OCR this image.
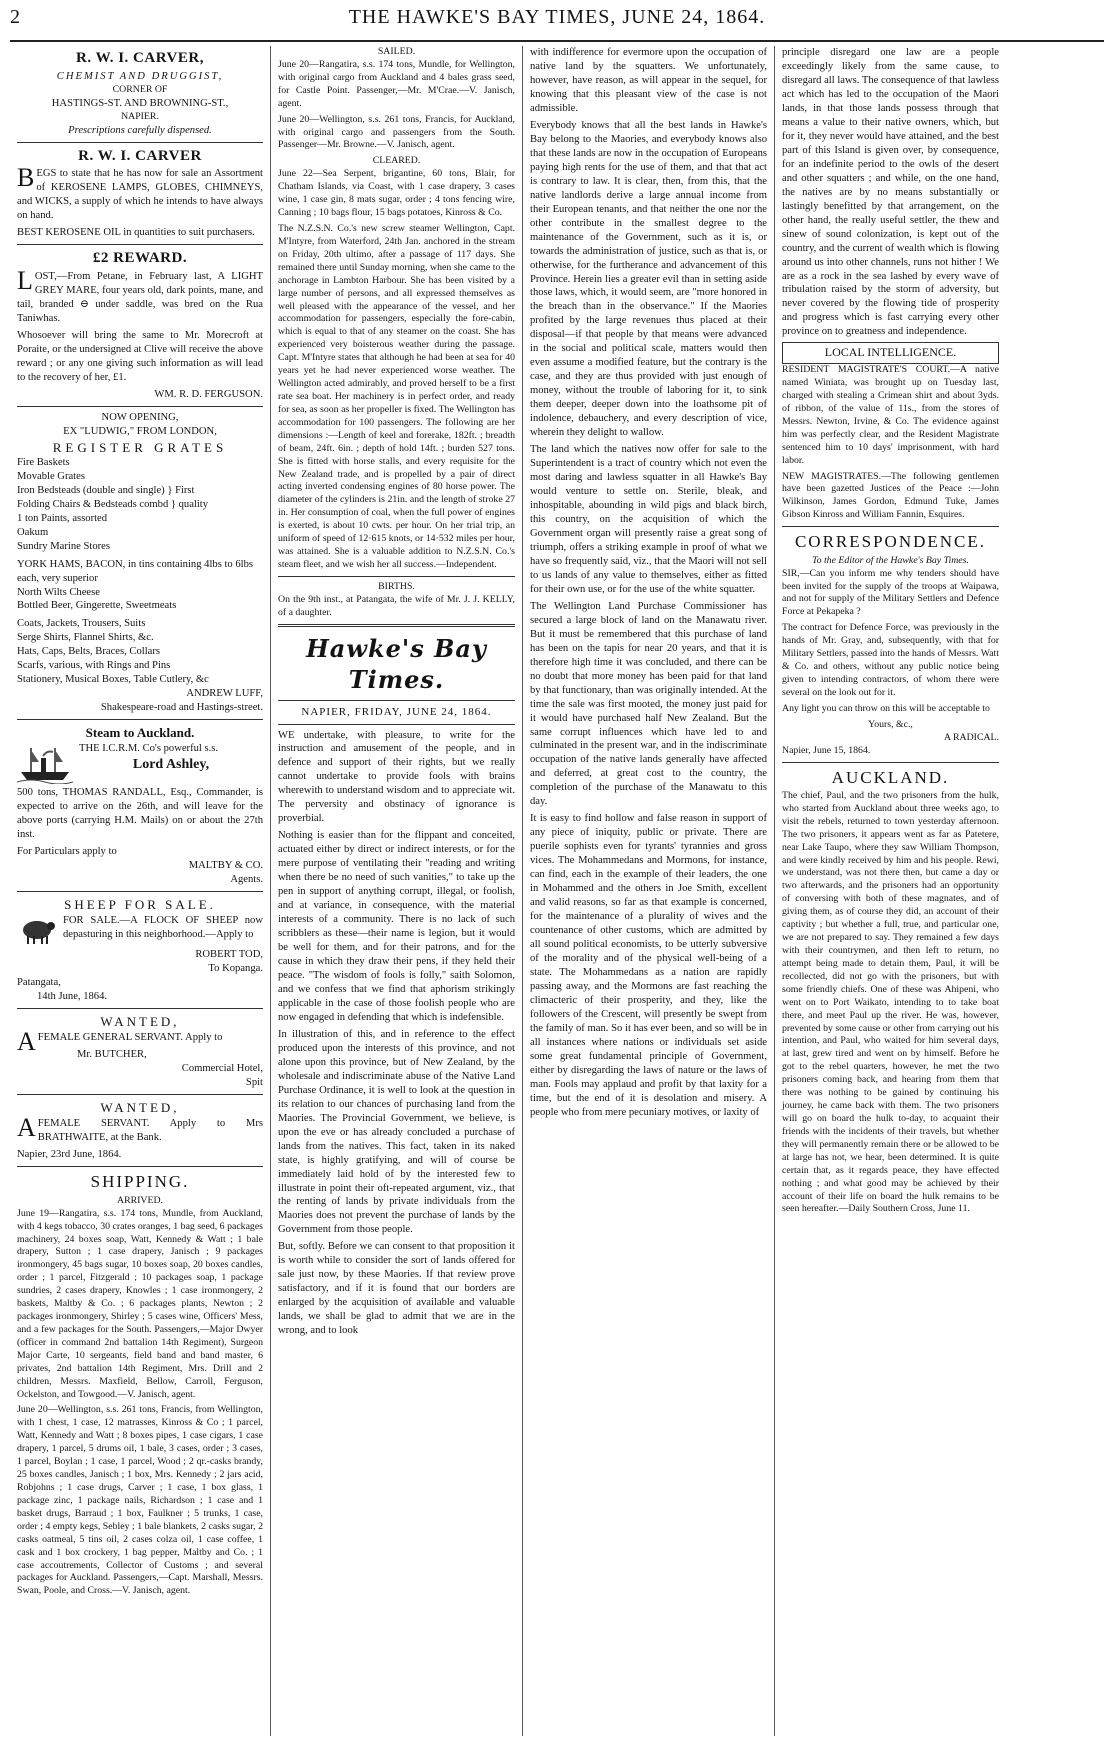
2	THE HAWKE'S BAY TIMES, JUNE 24, 1864.
R. W. I. CARVER,
CHEMIST AND DRUGGIST,
CORNER OF
HASTINGS-ST. AND BROWNING-ST.,
NAPIER.
Prescriptions carefully dispensed.
R. W. I. CARVER

BEGS to state that he has now for sale an Assortment of KEROSENE LAMPS, GLOBES, CHIMNEYS, and WICKS, a supply of which he intends to have always on hand.

BEST KEROSENE OIL in quantities to suit purchasers.

£2 REWARD.

LOST,—From Petane, in February last, A LIGHT GREY MARE, four years old, dark points, mane, and tail, branded ⊖ under saddle, was bred on the Rua Taniwhas.

Whosoever will bring the same to Mr. Morecroft at Poraite, or the undersigned at Clive will receive the above reward ; or any one giving such information as will lead to the recovery of her, £1.

WM. R. D. FERGUSON.
NOW OPENING,
EX "LUDWIG," FROM LONDON,
REGISTER GRATES
Fire Baskets
Movable Grates
Iron Bedsteads (double and single) } First
Folding Chairs & Bedsteads combd } quality
1 ton Paints, assorted
Oakum
Sundry Marine Stores
YORK HAMS, BACON, in tins containing 4lbs to 6lbs each, very superior
North Wilts Cheese
Bottled Beer, Gingerette, Sweetmeats
Coats, Jackets, Trousers, Suits
Serge Shirts, Flannel Shirts, &c.
Hats, Caps, Belts, Braces, Collars
Scarfs, various, with Rings and Pins
Stationery, Musical Boxes, Table Cutlery, &c
ANDREW LUFF,
Shakespeare-road and Hastings-street.
Steam to Auckland.
THE I.C.R.M. Co's powerful s.s.
Lord Ashley,

500 tons, THOMAS RANDALL, Esq., Commander, is expected to arrive on the 26th, and will leave for the above ports (carrying H.M. Mails) on or about the 27th inst.

For Particulars apply to
MALTBY & CO.
Agents.
SHEEP FOR SALE.

FOR SALE.—A FLOCK OF SHEEP now depasturing in this neighborhood.—Apply to

ROBERT TOD,
To Kopanga.
Patangata,
14th June, 1864.
WANTED,

AFEMALE GENERAL SERVANT. Apply to

Mr. BUTCHER,
Commercial Hotel,
Spit
WANTED,

AFEMALE SERVANT. Apply to Mrs BRATHWAITE, at the Bank.

Napier, 23rd June, 1864.
SHIPPING.
ARRIVED.

June 19—Rangatira, s.s. 174 tons, Mundle, from Auckland, with 4 kegs tobacco, 30 crates oranges, 1 bag seed, 6 packages machinery, 24 boxes soap, Watt, Kennedy & Watt ; 1 bale drapery, Sutton ; 1 case drapery, Janisch ; 9 packages ironmongery, 45 bags sugar, 10 boxes soap, 20 boxes candles, order ; 1 parcel, Fitzgerald ; 10 packages soap, 1 package sundries, 2 cases drapery, Knowles ; 1 case ironmongery, 2 baskets, Maltby & Co. ; 6 packages plants, Newton ; 2 packages ironmongery, Shirley ; 5 cases wine, Officers' Mess, and a few packages for the South. Passengers,—Major Dwyer (officer in command 2nd battalion 14th Regiment), Surgeon Major Carte, 10 sergeants, field band and band master, 6 privates, 2nd battalion 14th Regiment, Mrs. Drill and 2 children, Messrs. Maxfield, Bellow, Carroll, Ferguson, Ockelston, and Towgood.—V. Janisch, agent.

June 20—Wellington, s.s. 261 tons, Francis, from Wellington, with 1 chest, 1 case, 12 matrasses, Kinross & Co ; 1 parcel, Watt, Kennedy and Watt ; 8 boxes pipes, 1 case cigars, 1 case drapery, 1 parcel, 5 drums oil, 1 bale, 3 cases, order ; 3 cases, 1 parcel, Boylan ; 1 case, 1 parcel, Wood ; 2 qr.-casks brandy, 25 boxes candles, Janisch ; 1 box, Mrs. Kennedy ; 2 jars acid, Robjohns ; 1 case drugs, Carver ; 1 case, 1 box glass, 1 package zinc, 1 package nails, Richardson ; 1 case and 1 basket drugs, Barraud ; 1 box, Faulkner ; 5 trunks, 1 case, order ; 4 empty kegs, Sebley ; 1 bale blankets, 2 casks sugar, 2 casks oatmeal, 5 tins oil, 2 cases colza oil, 1 case coffee, 1 cask and 1 box crockery, 1 bag pepper, Maltby and Co. ; 1 case accoutrements, Collector of Customs ; and several packages for Auckland. Passengers,—Capt. Marshall, Messrs. Swan, Poole, and Cross.—V. Janisch, agent.

SAILED.

June 20—Rangatira, s.s. 174 tons, Mundle, for Wellington, with original cargo from Auckland and 4 bales grass seed, for Castle Point. Passenger,—Mr. M'Crae.—V. Janisch, agent.

June 20—Wellington, s.s. 261 tons, Francis, for Auckland, with original cargo and passengers from the South. Passenger—Mr. Browne.—V. Janisch, agent.

CLEARED.

June 22—Sea Serpent, brigantine, 60 tons, Blair, for Chatham Islands, via Coast, with 1 case drapery, 3 cases wine, 1 case gin, 8 mats sugar, order ; 4 tons fencing wire, Canning ; 10 bags flour, 15 bags potatoes, Kinross & Co.

The N.Z.S.N. Co.'s new screw steamer Wellington, Capt. M'Intyre, from Waterford, 24th Jan. anchored in the stream on Friday, 20th ultimo, after a passage of 117 days. She remained there until Sunday morning, when she came to the anchorage in Lambton Harbour. She has been visited by a large number of persons, and all expressed themselves as well pleased with the appearance of the vessel, and her accommodation for passengers, especially the fore-cabin, which is equal to that of any steamer on the coast. She has experienced very boisterous weather during the passage. Capt. M'Intyre states that although he had been at sea for 40 years yet he had never experienced worse weather. The Wellington acted admirably, and proved herself to be a first rate sea boat. Her machinery is in perfect order, and ready for sea, as soon as her propeller is fixed. The Wellington has accommodation for 100 passengers. The following are her dimensions :—Length of keel and forerake, 182ft. ; breadth of beam, 24ft. 6in. ; depth of hold 14ft. ; burden 527 tons. She is fitted with horse stalls, and every requisite for the New Zealand trade, and is propelled by a pair of direct acting inverted condensing engines of 80 horse power. The diameter of the cylinders is 21in. and the length of stroke 27 in. Her consumption of coal, when the full power of engines is exerted, is about 10 cwts. per hour. On her trial trip, an uniform of speed of 12·615 knots, or 14·532 miles per hour, was attained. She is a valuable addition to N.Z.S.N. Co.'s steam fleet, and we wish her all success.—Independent.

BIRTHS.

On the 9th inst., at Patangata, the wife of Mr. J. J. KELLY, of a daughter.

Hawke's Bay Times.
NAPIER, FRIDAY, JUNE 24, 1864.

WE undertake, with pleasure, to write for the instruction and amusement of the people, and in defence and support of their rights, but we really cannot undertake to provide fools with brains wherewith to understand wisdom and to appreciate wit. The perversity and obstinacy of ignorance is proverbial.

Nothing is easier than for the flippant and conceited, actuated either by direct or indirect interests, or for the mere purpose of ventilating their "reading and writing when there be no need of such vanities," to take up the pen in support of anything corrupt, illegal, or foolish, and at variance, in consequence, with the material interests of a community. There is no lack of such scribblers as these—their name is legion, but it would be well for them, and for their patrons, and for the cause in which they draw their pens, if they held their peace. "The wisdom of fools is folly," saith Solomon, and we confess that we find that aphorism strikingly applicable in the case of those foolish people who are now engaged in defending that which is indefensible.

In illustration of this, and in reference to the effect produced upon the interests of this province, and not alone upon this province, but of New Zealand, by the wholesale and indiscriminate abuse of the Native Land Purchase Ordinance, it is well to look at the question in its relation to our chances of purchasing land from the Maories. The Provincial Government, we believe, is upon the eve or has already concluded a purchase of lands from the natives. This fact, taken in its naked state, is highly gratifying, and will of course be immediately laid hold of by the interested few to illustrate in point their oft-repeated argument, viz., that the renting of lands by private individuals from the Maories does not prevent the purchase of lands by the Government from those people.

But, softly. Before we can consent to that proposition it is worth while to consider the sort of lands offered for sale just now, by these Maories. If that review prove satisfactory, and if it is found that our borders are enlarged by the acquisition of available and valuable lands, we shall be glad to admit that we are in the wrong, and to look

with indifference for evermore upon the occupation of native land by the squatters. We unfortunately, however, have reason, as will appear in the sequel, for knowing that this pleasant view of the case is not admissible.

Everybody knows that all the best lands in Hawke's Bay belong to the Maories, and everybody knows also that these lands are now in the occupation of Europeans paying high rents for the use of them, and that that act is contrary to law. It is clear, then, from this, that the native landlords derive a large annual income from their European tenants, and that neither the one nor the other contribute in the smallest degree to the maintenance of the Government, such as it is, or towards the administration of justice, such as that is, or otherwise, for the furtherance and advancement of this Province. Herein lies a greater evil than in setting aside those laws, which, it would seem, are "more honored in the breach than in the observance." If the Maories profited by the large revenues thus placed at their disposal—if that people by that means were advanced in the social and political scale, matters would then even assume a modified feature, but the contrary is the case, and they are thus provided with just enough of money, without the trouble of laboring for it, to sink them deeper, deeper down into the loathsome pit of indolence, debauchery, and every description of vice, wherein they delight to wallow.

The land which the natives now offer for sale to the Superintendent is a tract of country which not even the most daring and lawless squatter in all Hawke's Bay would venture to settle on. Sterile, bleak, and inhospitable, abounding in wild pigs and black birch, this country, on the acquisition of which the Government organ will presently raise a great song of triumph, offers a striking example in proof of what we have so frequently said, viz., that the Maori will not sell to us lands of any value to themselves, either as fitted for their own use, or for the use of the white squatter.

The Wellington Land Purchase Commissioner has secured a large block of land on the Manawatu river. But it must be remembered that this purchase of land has been on the tapis for near 20 years, and that it is therefore high time it was concluded, and there can be no doubt that more money has been paid for that land by that functionary, than was originally intended. At the time the sale was first mooted, the money just paid for it would have purchased half New Zealand. But the same corrupt influences which have led to and culminated in the present war, and in the indiscriminate occupation of the native lands generally have affected and deferred, at great cost to the country, the completion of the purchase of the Manawatu to this day.

It is easy to find hollow and false reason in support of any piece of iniquity, public or private. There are puerile sophists even for tyrants' tyrannies and gross vices. The Mohammedans and Mormons, for instance, can find, each in the example of their leaders, the one in Mohammed and the others in Joe Smith, excellent and valid reasons, so far as that example is concerned, for the maintenance of a plurality of wives and the countenance of other customs, which are admitted by all sound political economists, to be utterly subversive of the morality and of the physical well-being of a state. The Mohammedans as a nation are rapidly passing away, and the Mormons are fast reaching the climacteric of their prosperity, and they, like the followers of the Crescent, will presently be swept from the family of man. So it has ever been, and so will be in all instances where nations or individuals set aside some great fundamental principle of Government, either by disregarding the laws of nature or the laws of man. Fools may applaud and profit by that laxity for a time, but the end of it is desolation and misery. A people who from mere pecuniary motives, or laxity of

principle disregard one law are a people exceedingly likely from the same cause, to disregard all laws. The consequence of that lawless act which has led to the occupation of the Maori lands, in that those lands possess through that means a value to their native owners, which, but for it, they never would have attained, and the best part of this Island is given over, by consequence, for an indefinite period to the owls of the desert and other squatters ; and while, on the one hand, the natives are by no means substantially or lastingly benefitted by that arrangement, on the other hand, the really useful settler, the thew and sinew of sound colonization, is kept out of the country, and the current of wealth which is flowing around us into other channels, runs not hither ! We are as a rock in the sea lashed by every wave of tribulation raised by the storm of adversity, but never covered by the flowing tide of prosperity and progress which is fast carrying every other province on to greatness and independence.

LOCAL INTELLIGENCE.

RESIDENT MAGISTRATE'S COURT.—A native named Winiata, was brought up on Tuesday last, charged with stealing a Crimean shirt and about 3yds. of ribbon, of the value of 11s., from the stores of Messrs. Newton, Irvine, & Co. The evidence against him was perfectly clear, and the Resident Magistrate sentenced him to 10 days' imprisonment, with hard labor.

NEW MAGISTRATES.—The following gentlemen have been gazetted Justices of the Peace :—John Wilkinson, James Gordon, Edmund Tuke, James Gibson Kinross and William Fannin, Esquires.

CORRESPONDENCE.
To the Editor of the Hawke's Bay Times.

SIR,—Can you inform me why tenders should have been invited for the supply of the troops at Waipawa, and not for supply of the Military Settlers and Defence Force at Pekapeka ?

The contract for Defence Force, was previously in the hands of Mr. Gray, and, subsequently, with that for Military Settlers, passed into the hands of Messrs. Watt & Co. and others, without any public notice being given to intending contractors, of whom there were several on the look out for it.

Any light you can throw on this will be acceptable to

Yours, &c.,
A RADICAL.
Napier, June 15, 1864.
AUCKLAND.

The chief, Paul, and the two prisoners from the hulk, who started from Auckland about three weeks ago, to visit the rebels, returned to town yesterday afternoon. The two prisoners, it appears went as far as Patetere, near Lake Taupo, where they saw William Thompson, and were kindly received by him and his people. Rewi, we understand, was not there then, but came a day or two afterwards, and the prisoners had an opportunity of conversing with both of these magnates, and of giving them, as of course they did, an account of their captivity ; but whether a full, true, and particular one, we are not prepared to say. They remained a few days with their countrymen, and then left to return, no attempt being made to detain them, Paul, it will be recollected, did not go with the prisoners, but with some friendly chiefs. One of these was Ahipeni, who went on to Port Waikato, intending to to take boat there, and meet Paul up the river. He was, however, prevented by some cause or other from carrying out his intention, and Paul, who waited for him several days, at last, grew tired and went on by himself. Before he got to the rebel quarters, however, he met the two prisoners coming back, and hearing from them that there was nothing to be gained by continuing his journey, he came back with them. The two prisoners will go on board the hulk to-day, to acquaint their friends with the incidents of their travels, but whether they will permanently remain there or be allowed to be at large has not, we hear, been determined. It is quite certain that, as it regards peace, they have effected nothing ; and what good may be achieved by their account of their life on board the hulk remains to be seen hereafter.—Daily Southern Cross, June 11.
